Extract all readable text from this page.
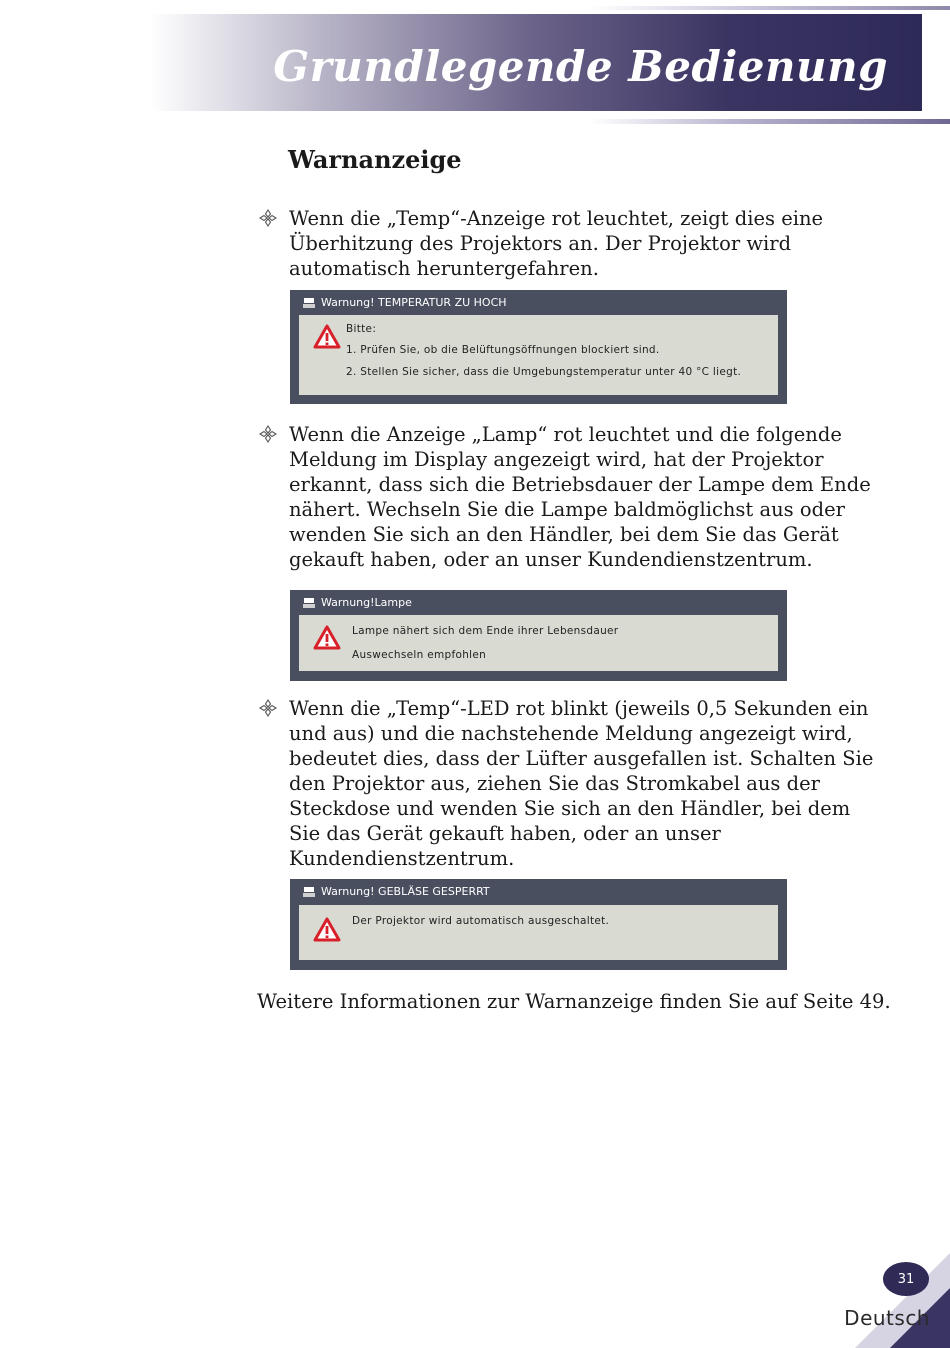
Grundlegende Bedienung
Warnanzeige

Wenn die „Temp“-Anzeige rot leuchtet, zeigt dies eine Überhitzung des Projektors an. Der Projektor wird automatisch heruntergefahren.

Warnung! TEMPERATUR ZU HOCH
Bitte:
1. Prüfen Sie, ob die Belüftungsöffnungen blockiert sind.
2. Stellen Sie sicher, dass die Umgebungstemperatur unter 40 °C liegt.

Wenn die Anzeige „Lamp“ rot leuchtet und die folgende Meldung im Display angezeigt wird, hat der Projektor erkannt, dass sich die Betriebsdauer der Lampe dem Ende nähert. Wechseln Sie die Lampe baldmöglichst aus oder wenden Sie sich an den Händler, bei dem Sie das Gerät gekauft haben, oder an unser Kundendienstzentrum.

Warnung!Lampe
Lampe nähert sich dem Ende ihrer Lebensdauer
Auswechseln empfohlen

Wenn die „Temp“-LED rot blinkt (jeweils 0,5 Sekunden ein und aus) und die nachstehende Meldung angezeigt wird, bedeutet dies, dass der Lüfter ausgefallen ist. Schalten Sie den Projektor aus, ziehen Sie das Stromkabel aus der Steckdose und wenden Sie sich an den Händler, bei dem Sie das Gerät gekauft haben, oder an unser Kundendienstzentrum.

Warnung! GEBLÄSE GESPERRT
Der Projektor wird automatisch ausgeschaltet.

Weitere Informationen zur Warnanzeige finden Sie auf Seite 49.

31

Deutsch
